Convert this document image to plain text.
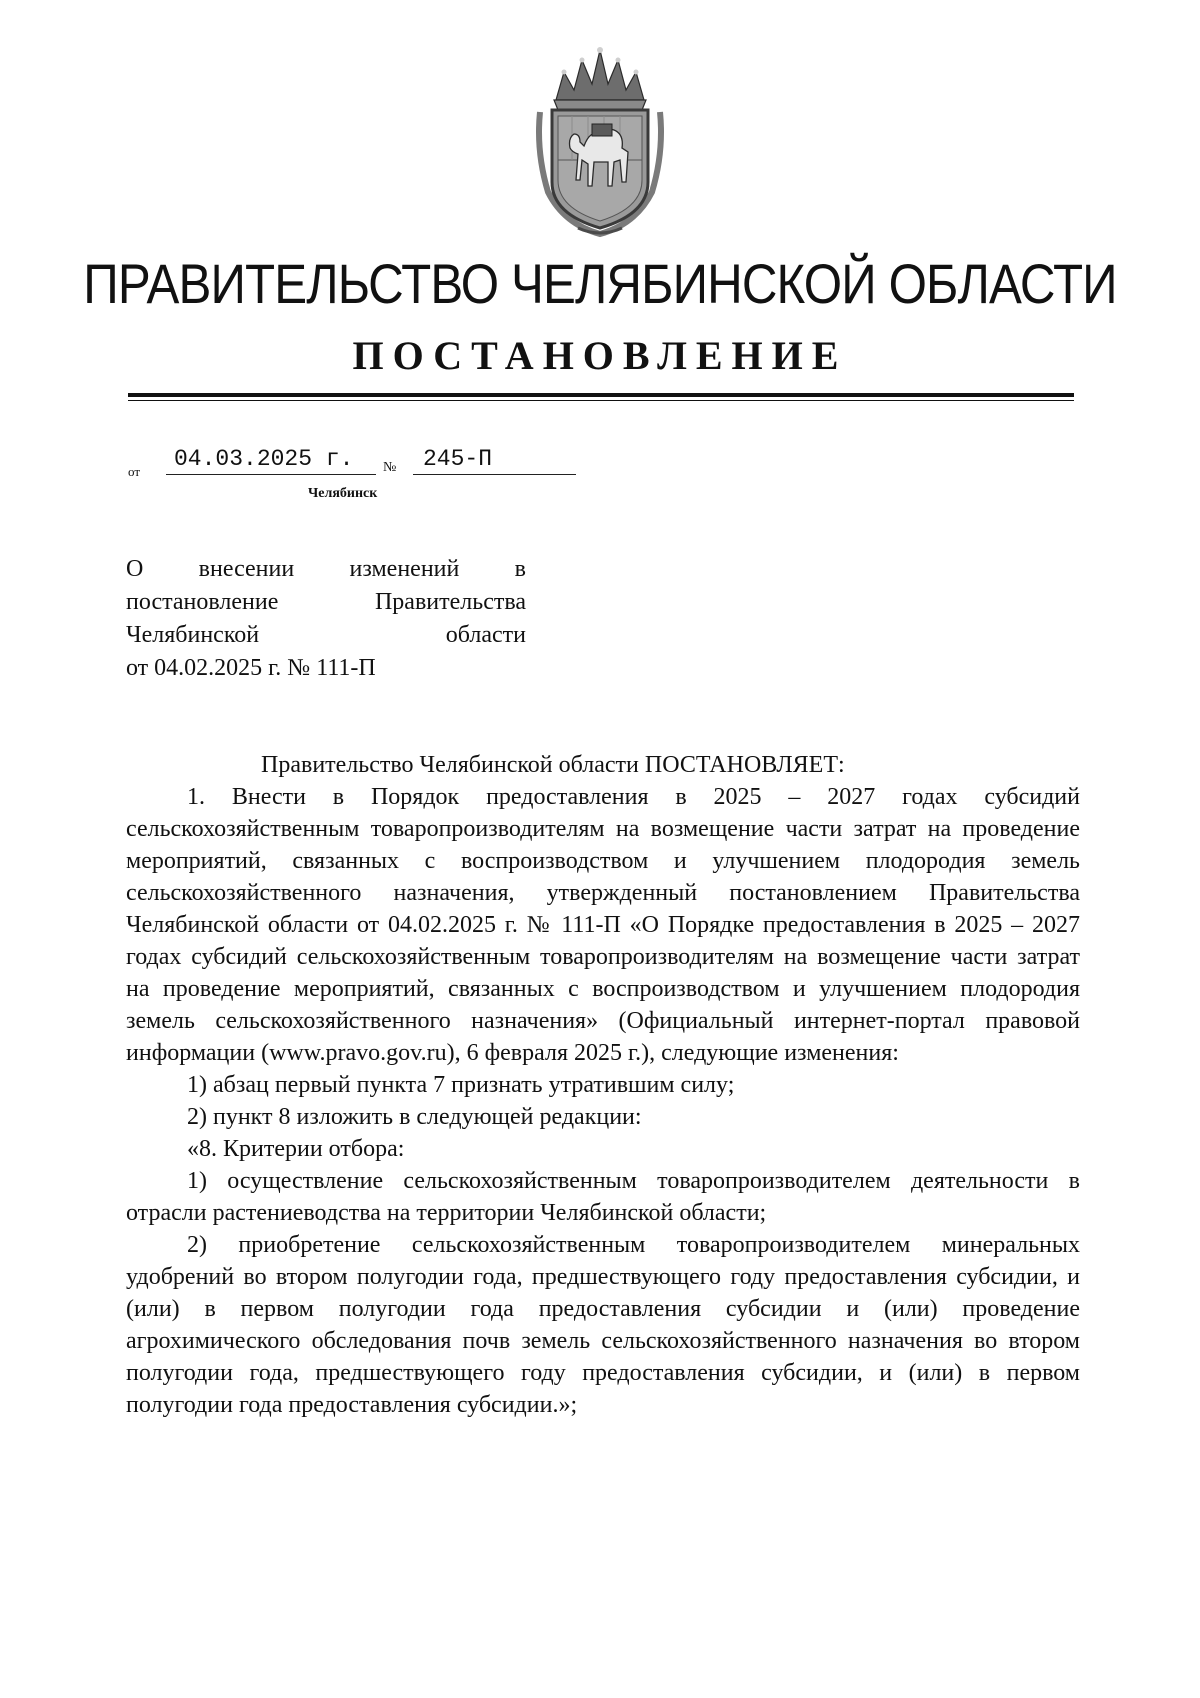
ПРАВИТЕЛЬСТВО ЧЕЛЯБИНСКОЙ ОБЛАСТИ
ПОСТАНОВЛЕНИЕ
от	04.03.2025 г.	№	245-П
Челябинск
О внесении изменений в
постановление Правительства
Челябинской области
от 04.02.2025 г. № 111-П

Правительство Челябинской области ПОСТАНОВЛЯЕТ:

1. Внести в Порядок предоставления в 2025 – 2027 годах субсидий сельскохозяйственным товаропроизводителям на возмещение части затрат на проведение мероприятий, связанных с воспроизводством и улучшением плодородия земель сельскохозяйственного назначения, утвержденный постановлением Правительства Челябинской области от 04.02.2025 г. № 111-П «О Порядке предоставления в 2025 – 2027 годах субсидий сельскохозяйственным товаропроизводителям на возмещение части затрат на проведение мероприятий, связанных с воспроизводством и улучшением плодородия земель сельскохозяйственного назначения» (Официальный интернет-портал правовой информации (www.pravo.gov.ru), 6 февраля 2025 г.), следующие изменения:

1) абзац первый пункта 7 признать утратившим силу;

2) пункт 8 изложить в следующей редакции:

«8. Критерии отбора:

1) осуществление сельскохозяйственным товаропроизводителем деятельности в отрасли растениеводства на территории Челябинской области;

2) приобретение сельскохозяйственным товаропроизводителем минеральных удобрений во втором полугодии года, предшествующего году предоставления субсидии, и (или) в первом полугодии года предоставления субсидии и (или) проведение агрохимического обследования почв земель сельскохозяйственного назначения во втором полугодии года, предшествующего году предоставления субсидии, и (или) в первом полугодии года предоставления субсидии.»;
